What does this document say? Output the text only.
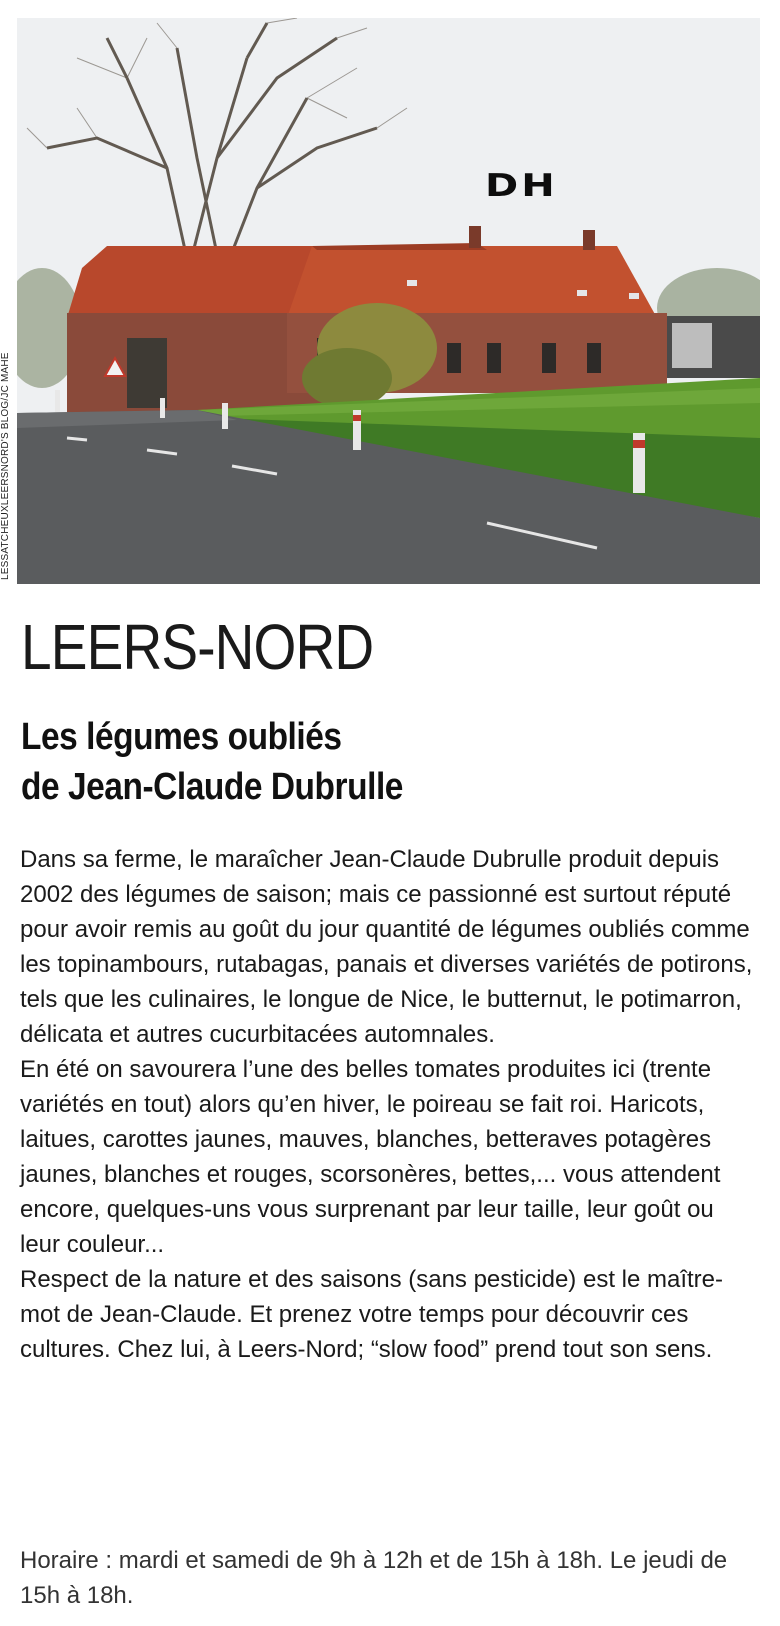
LESSATCHEUXLEERSNORD'S BLOG/JC MAHE
DH
LEERS-NORD
Les légumes oubliés
de Jean-Claude Dubrulle

Dans sa ferme, le maraîcher Jean-Claude Dubrulle produit depuis 2002 des légumes de saison; mais ce passionné est surtout réputé pour avoir remis au goût du jour quantité de légumes oubliés comme les topinambours, rutabagas, panais et diverses variétés de potirons, tels que les culinaires, le longue de Nice, le butternut, le potimarron, délicata et autres cucurbitacées automnales.

En été on savourera l’une des belles tomates produites ici (trente variétés en tout) alors qu’en hiver, le poireau se fait roi. Haricots, laitues, carottes jaunes, mauves, blanches, betteraves potagères jaunes, blanches et rouges, scorsonères, bettes,... vous attendent encore, quelques-uns vous surprenant par leur taille, leur goût ou leur couleur...

Respect de la nature et des saisons (sans pesticide) est le maître-mot de Jean-Claude. Et prenez votre temps pour découvrir ces cultures. Chez lui, à Leers-Nord; “slow food” prend tout son sens.

Horaire : mardi et samedi de 9h à 12h et de 15h à 18h. Le jeudi de 15h à 18h.
